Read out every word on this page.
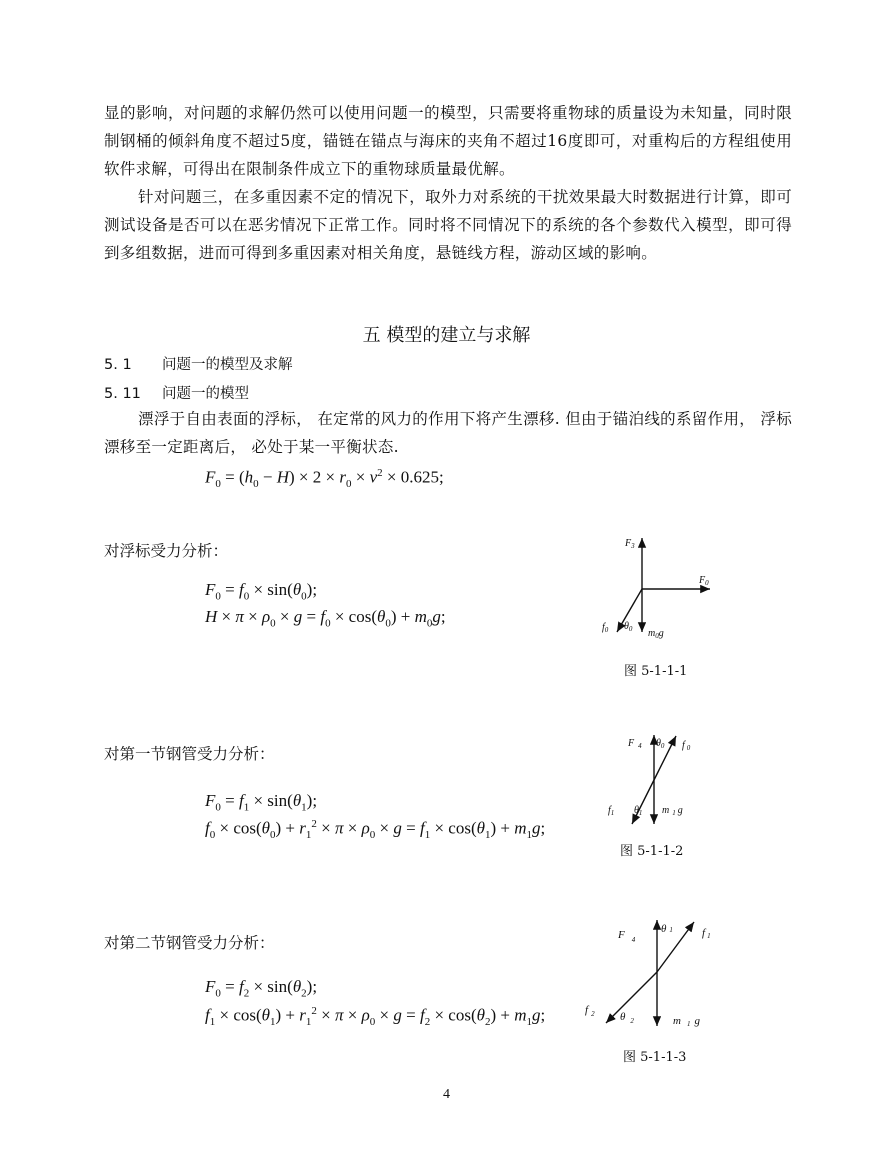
显的影响，对问题的求解仍然可以使用问题一的模型，只需要将重物球的质量设为未知量，同时限制钢桶的倾斜角度不超过5度，锚链在锚点与海床的夹角不超过16度即可，对重构后的方程组使用软件求解，可得出在限制条件成立下的重物球质量最优解。
针对问题三，在多重因素不定的情况下，取外力对系统的干扰效果最大时数据进行计算，即可测试设备是否可以在恶劣情况下正常工作。同时将不同情况下的系统的各个参数代入模型，即可得到多组数据，进而可得到多重因素对相关角度，悬链线方程，游动区域的影响。
五 模型的建立与求解
5. 1 问题一的模型及求解
5. 11 问题一的模型
漂浮于自由表面的浮标， 在定常的风力的作用下将产生漂移. 但由于锚泊线的系留作用， 浮标漂移至一定距离后， 必处于某一平衡状态.
$F_0 = (h_0 - H) \times 2 \times r_0 \times v^2 \times 0.625$;
对浮标受力分析：
$F_0 = f_0 \times \sin(\theta_0)$;
$H \times \pi \times \rho_0 \times g = f_0 \times \cos(\theta_0) + m_0g$;
$F_3$
$F_0$
$f_0$ $\theta_0$ $m_0g$
图 5-1-1-1
对第一节钢管受力分析：
$F_0 = f_1 \times \sin(\theta_1)$;
$f_0 \times \cos(\theta_0) + r_1^2 \times \pi \times \rho_0 \times g = f_1 \times \cos(\theta_1) + m_1g$;
F $_4$ $\theta_0$ f $_0$
$f_1$ $\theta_1$ m $_1$ g
图 5-1-1-2
对第二节钢管受力分析：
$F_0 = f_2 \times \sin(\theta_2)$;
$f_1 \times \cos(\theta_1) + r_1^2 \times \pi \times \rho_0 \times g = f_2 \times \cos(\theta_2) + m_1g$;
F $_4$
θ 1	f 1
f $_2$ θ $_2$	m 1 g
图 5-1-1-3
4
